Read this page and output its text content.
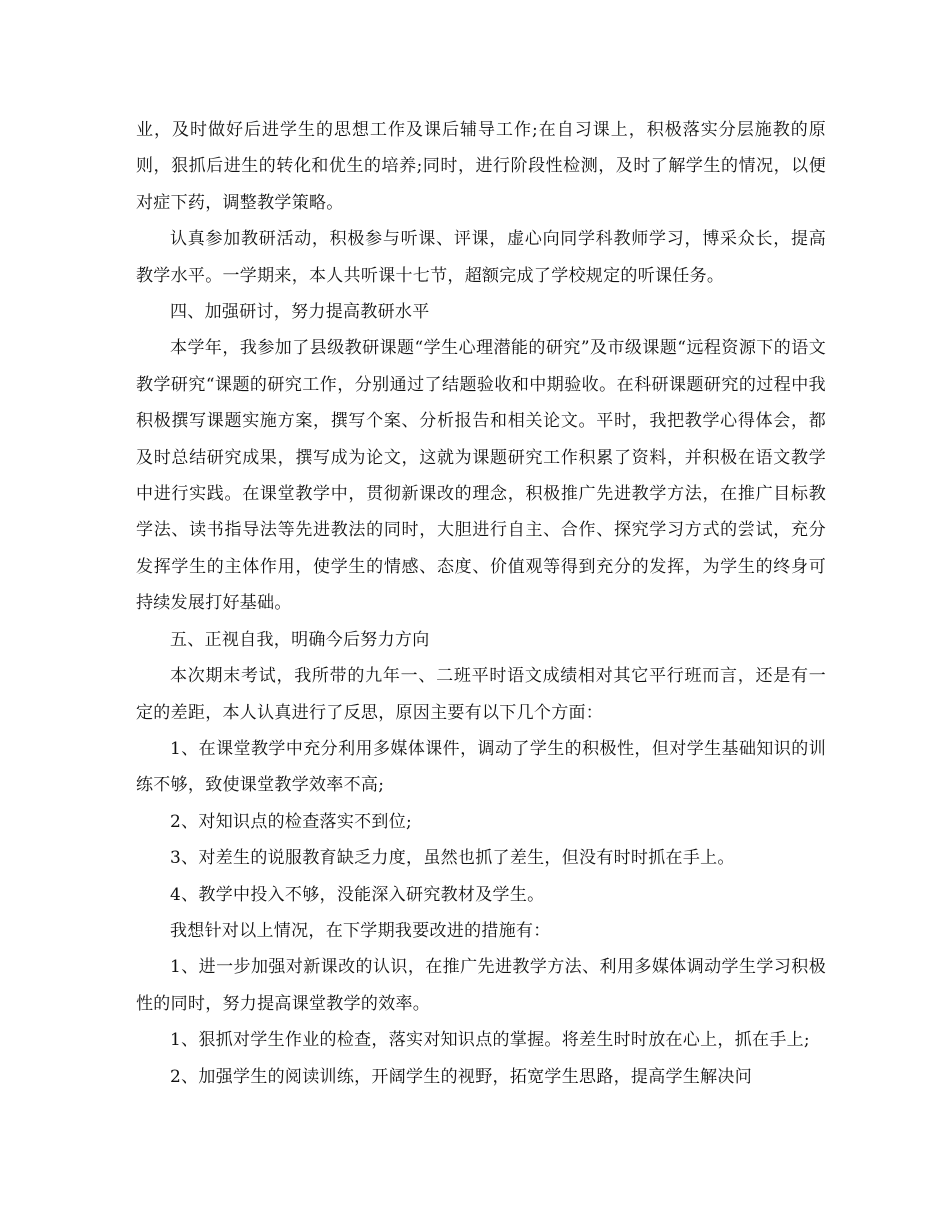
业，及时做好后进学生的思想工作及课后辅导工作;在自习课上，积极落实分层施教的原则，狠抓后进生的转化和优生的培养;同时，进行阶段性检测，及时了解学生的情况，以便对症下药，调整教学策略。

认真参加教研活动，积极参与听课、评课，虚心向同学科教师学习，博采众长，提高教学水平。一学期来，本人共听课十七节，超额完成了学校规定的听课任务。

四、加强研讨，努力提高教研水平

本学年，我参加了县级教研课题“学生心理潜能的研究”及市级课题“远程资源下的语文教学研究“课题的研究工作，分别通过了结题验收和中期验收。在科研课题研究的过程中我积极撰写课题实施方案，撰写个案、分析报告和相关论文。平时，我把教学心得体会，都及时总结研究成果，撰写成为论文，这就为课题研究工作积累了资料，并积极在语文教学中进行实践。在课堂教学中，贯彻新课改的理念，积极推广先进教学方法，在推广目标教学法、读书指导法等先进教法的同时，大胆进行自主、合作、探究学习方式的尝试，充分发挥学生的主体作用，使学生的情感、态度、价值观等得到充分的发挥，为学生的终身可持续发展打好基础。

五、正视自我，明确今后努力方向

本次期末考试，我所带的九年一、二班平时语文成绩相对其它平行班而言，还是有一定的差距，本人认真进行了反思，原因主要有以下几个方面：

1、在课堂教学中充分利用多媒体课件，调动了学生的积极性，但对学生基础知识的训练不够，致使课堂教学效率不高;

2、对知识点的检查落实不到位;

3、对差生的说服教育缺乏力度，虽然也抓了差生，但没有时时抓在手上。

4、教学中投入不够，没能深入研究教材及学生。

我想针对以上情况，在下学期我要改进的措施有：

1、进一步加强对新课改的认识，在推广先进教学方法、利用多媒体调动学生学习积极性的同时，努力提高课堂教学的效率。

1、狠抓对学生作业的检查，落实对知识点的掌握。将差生时时放在心上，抓在手上;

2、加强学生的阅读训练，开阔学生的视野，拓宽学生思路，提高学生解决问
